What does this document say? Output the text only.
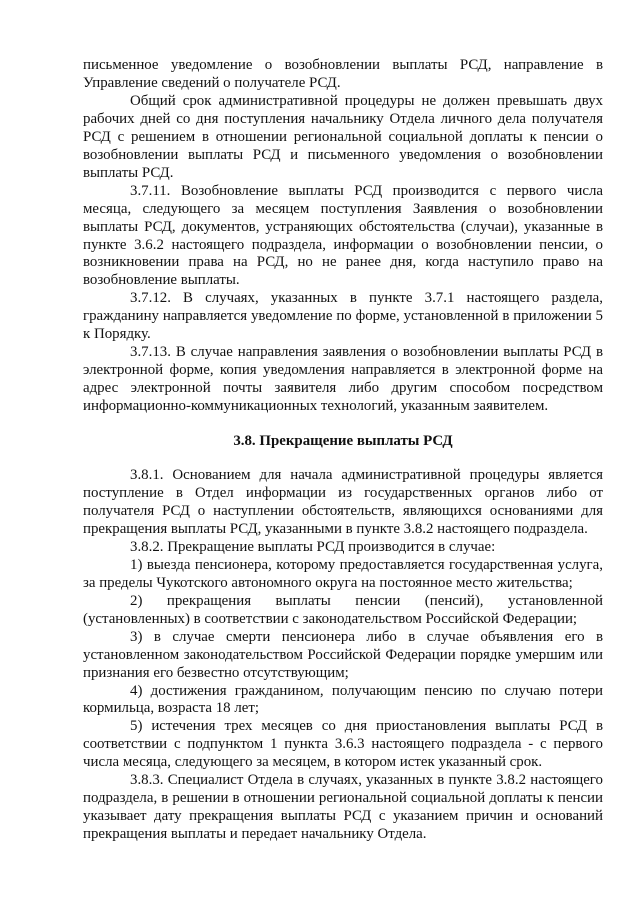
письменное уведомление о возобновлении выплаты РСД, направление в Управление сведений о получателе РСД.

Общий срок административной процедуры не должен превышать двух рабочих дней со дня поступления начальнику Отдела личного дела получателя РСД с решением в отношении региональной социальной доплаты к пенсии о возобновлении выплаты РСД и письменного уведомления о возобновлении выплаты РСД.

3.7.11. Возобновление выплаты РСД производится с первого числа месяца, следующего за месяцем поступления Заявления о возобновлении выплаты РСД, документов, устраняющих обстоятельства (случаи), указанные в пункте 3.6.2 настоящего подраздела, информации о возобновлении пенсии, о возникновении права на РСД, но не ранее дня, когда наступило право на возобновление выплаты.

3.7.12. В случаях, указанных в пункте 3.7.1 настоящего раздела, гражданину направляется уведомление по форме, установленной в приложении 5 к Порядку.

3.7.13. В случае направления заявления о возобновлении выплаты РСД в электронной форме, копия уведомления направляется в электронной форме на адрес электронной почты заявителя либо другим способом посредством информационно-коммуникационных технологий, указанным заявителем.

3.8. Прекращение выплаты РСД

3.8.1. Основанием для начала административной процедуры является поступление в Отдел информации из государственных органов либо от получателя РСД о наступлении обстоятельств, являющихся основаниями для прекращения выплаты РСД, указанными в пункте 3.8.2 настоящего подраздела.

3.8.2. Прекращение выплаты РСД производится в случае:

1) выезда пенсионера, которому предоставляется государственная услуга, за пределы Чукотского автономного округа на постоянное место жительства;

2) прекращения выплаты пенсии (пенсий), установленной (установленных) в соответствии с законодательством Российской Федерации;

3) в случае смерти пенсионера либо в случае объявления его в установленном законодательством Российской Федерации порядке умершим или признания его безвестно отсутствующим;

4) достижения гражданином, получающим пенсию по случаю потери кормильца, возраста 18 лет;

5) истечения трех месяцев со дня приостановления выплаты РСД в соответствии с подпунктом 1 пункта 3.6.3 настоящего подраздела - с первого числа месяца, следующего за месяцем, в котором истек указанный срок.

3.8.3. Специалист Отдела в случаях, указанных в пункте 3.8.2 настоящего подраздела, в решении в отношении региональной социальной доплаты к пенсии указывает дату прекращения выплаты РСД с указанием причин и оснований прекращения выплаты и передает начальнику Отдела.
